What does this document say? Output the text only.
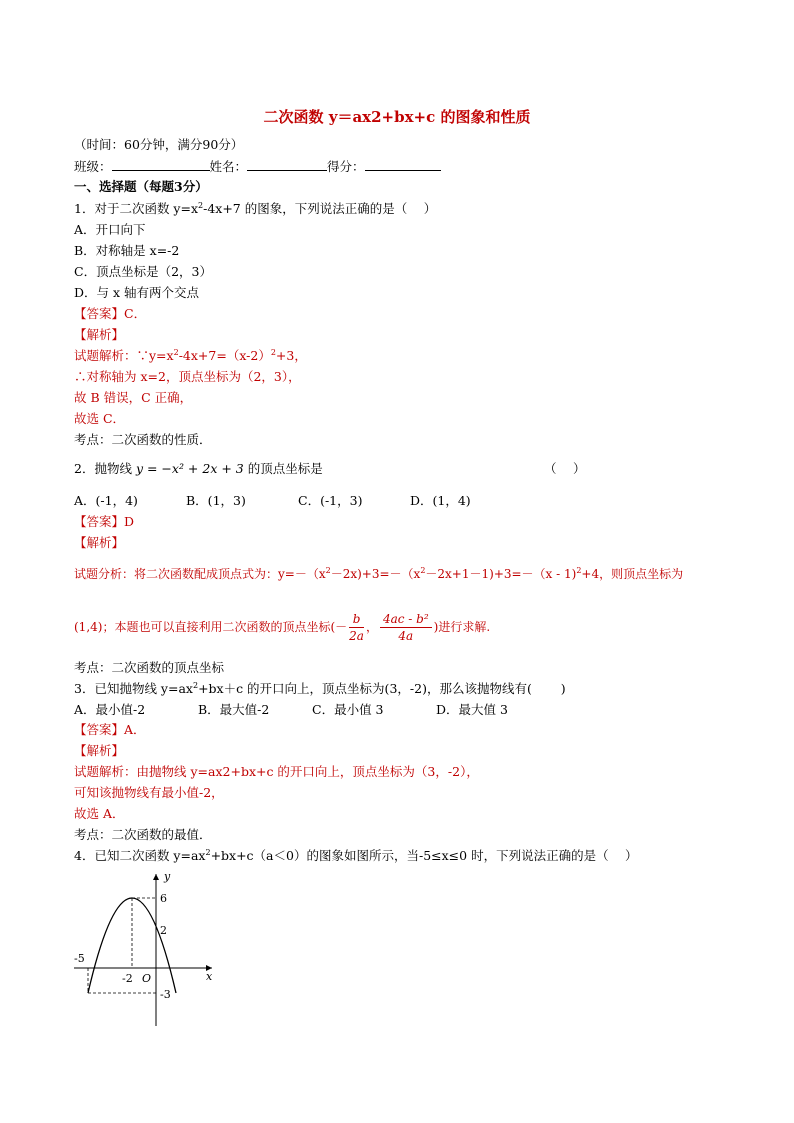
二次函数 y＝ax2+bx+c 的图象和性质
（时间：60分钟，满分90分）
班级：	姓名：	得分：
一、选择题（每题3分）
1．对于二次函数 $y=x^2-4x+7$ 的图象，下列说法正确的是（　 ）
A．开口向下
B．对称轴是 x=-2
C．顶点坐标是（2，3）
D．与 x 轴有两个交点
【答案】C．
【解析】
试题解析：$\because y=x^2-4x+7=(x-2)^2+3$，
∴对称轴为 x=2，顶点坐标为（2，3），
故 B 错误，C 正确，
故选 C．
考点：二次函数的性质．
2．抛物线 y = −x² + 2x + 3 的顶点坐标是	（　 ）
A．(-1，4)	B．(1，3)	C．(-1，3)	D．(1，4)
【答案】D
【解析】
试题分析：将二次函数配成顶点式为：$y=-(x^2-2x)+3=-(x^2-2x+1-1)+3=-(x - 1)^2+4$，则顶点坐标为
(1,4)；本题也可以直接利用二次函数的顶点坐标(－ $\frac{b}{2a}$ ， $\frac{\text{4ac - b²}}{4a}$ )进行求解.
考点：二次函数的顶点坐标
3．已知抛物线 $y=ax^2+bx+c$ 的开口向上，顶点坐标为(3，-2)，那么该抛物线有(　　 )
A．最小值-2	B．最大值-2	C．最小值 3	D．最大值 3
【答案】A．
【解析】
试题解析：由抛物线 y=ax2+bx+c 的开口向上，顶点坐标为（3，-2），
可知该抛物线有最小值-2，
故选 A．
考点：二次函数的最值．
4．已知二次函数 $y=ax^2+bx+c(a<0)$的图象如图所示，当-5≤x≤0 时，下列说法正确的是（　 ）
y
x
6
2
-5
-2 O
-3
